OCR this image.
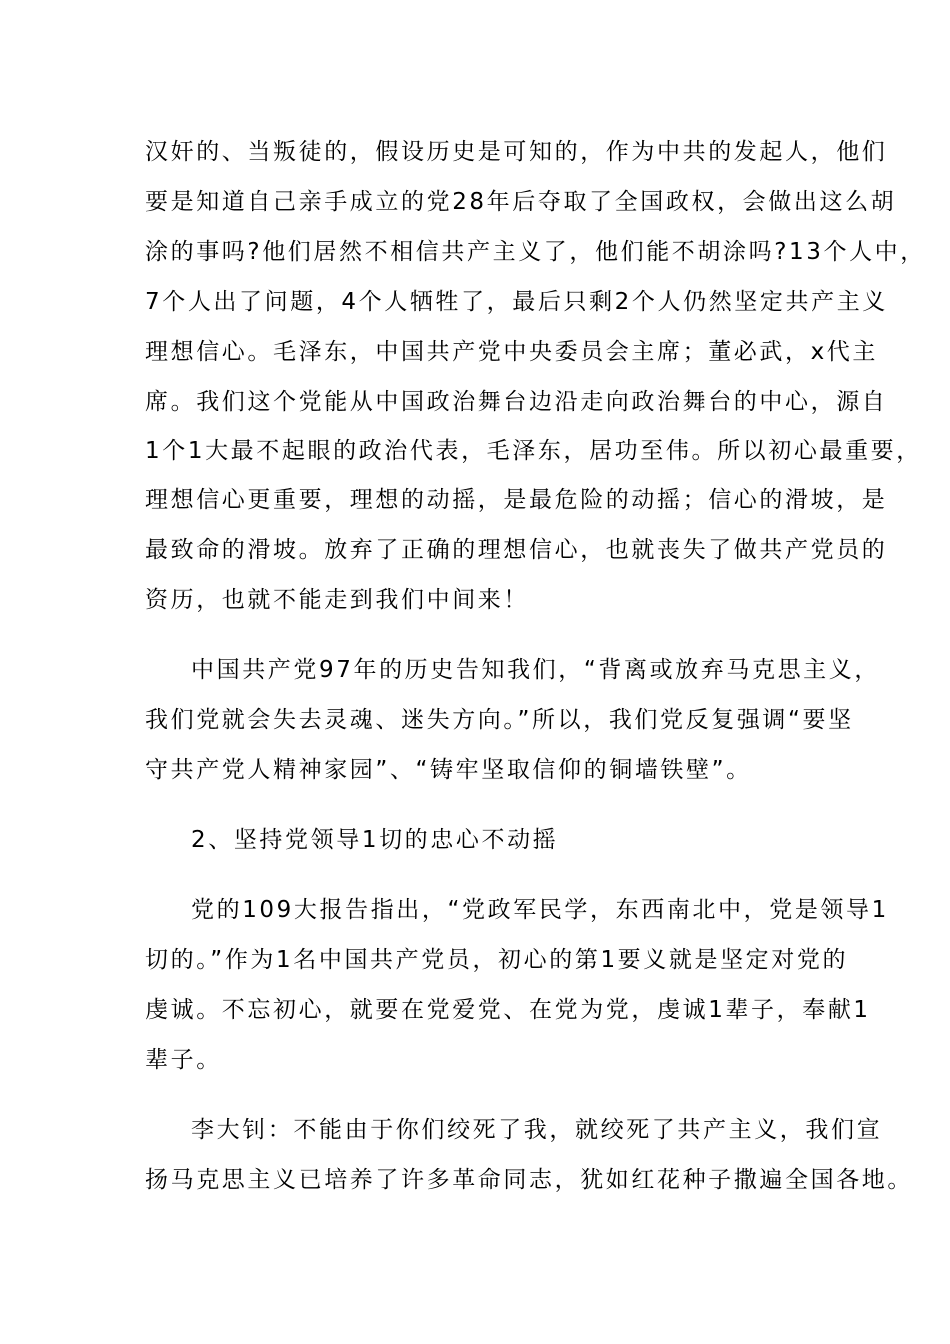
汉奸的、当叛徒的，假设历史是可知的，作为中共的发起人，他们
要是知道自己亲手成立的党28年后夺取了全国政权，会做出这么胡
涂的事吗?他们居然不相信共产主义了，他们能不胡涂吗?13个人中，
7个人出了问题，4个人牺牲了，最后只剩2个人仍然坚定共产主义
理想信心。毛泽东，中国共产党中央委员会主席；董必武，x代主
席。我们这个党能从中国政治舞台边沿走向政治舞台的中心，源自
1个1大最不起眼的政治代表，毛泽东，居功至伟。所以初心最重要，
理想信心更重要，理想的动摇，是最危险的动摇；信心的滑坡，是
最致命的滑坡。放弃了正确的理想信心，也就丧失了做共产党员的
资历，也就不能走到我们中间来！
中国共产党97年的历史告知我们，“背离或放弃马克思主义，
我们党就会失去灵魂、迷失方向。”所以，我们党反复强调“要坚
守共产党人精神家园”、“铸牢坚取信仰的铜墙铁壁”。
2、坚持党领导1切的忠心不动摇
党的109大报告指出，“党政军民学，东西南北中，党是领导1
切的。”作为1名中国共产党员，初心的第1要义就是坚定对党的
虔诚。不忘初心，就要在党爱党、在党为党，虔诚1辈子，奉献1
辈子。
李大钊：不能由于你们绞死了我，就绞死了共产主义，我们宣
扬马克思主义已培养了许多革命同志，犹如红花种子撒遍全国各地。
